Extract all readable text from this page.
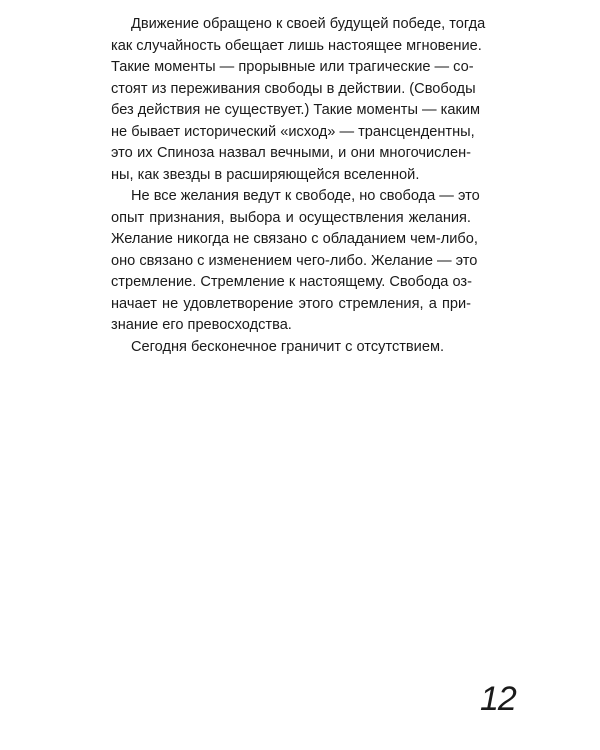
Движение обращено к своей будущей победе, тогда
как случайность обещает лишь настоящее мгновение.
Такие моменты — прорывные или трагические — со-
стоят из переживания свободы в действии. (Свободы
без действия не существует.) Такие моменты — каким
не бывает исторический «исход» — трансцендентны,
это их Спиноза назвал вечными, и они многочислен-
ны, как звезды в расширяющейся вселенной.

Не все желания ведут к свободе, но свобода — это
опыт признания, выбора и осуществления желания.
Желание никогда не связано с обладанием чем-либо,
оно связано с изменением чего-либо. Желание — это
стремление. Стремление к настоящему. Свобода оз-
начает не удовлетворение этого стремления, а при-
знание его превосходства.

Сегодня бесконечное граничит с отсутствием.

12
